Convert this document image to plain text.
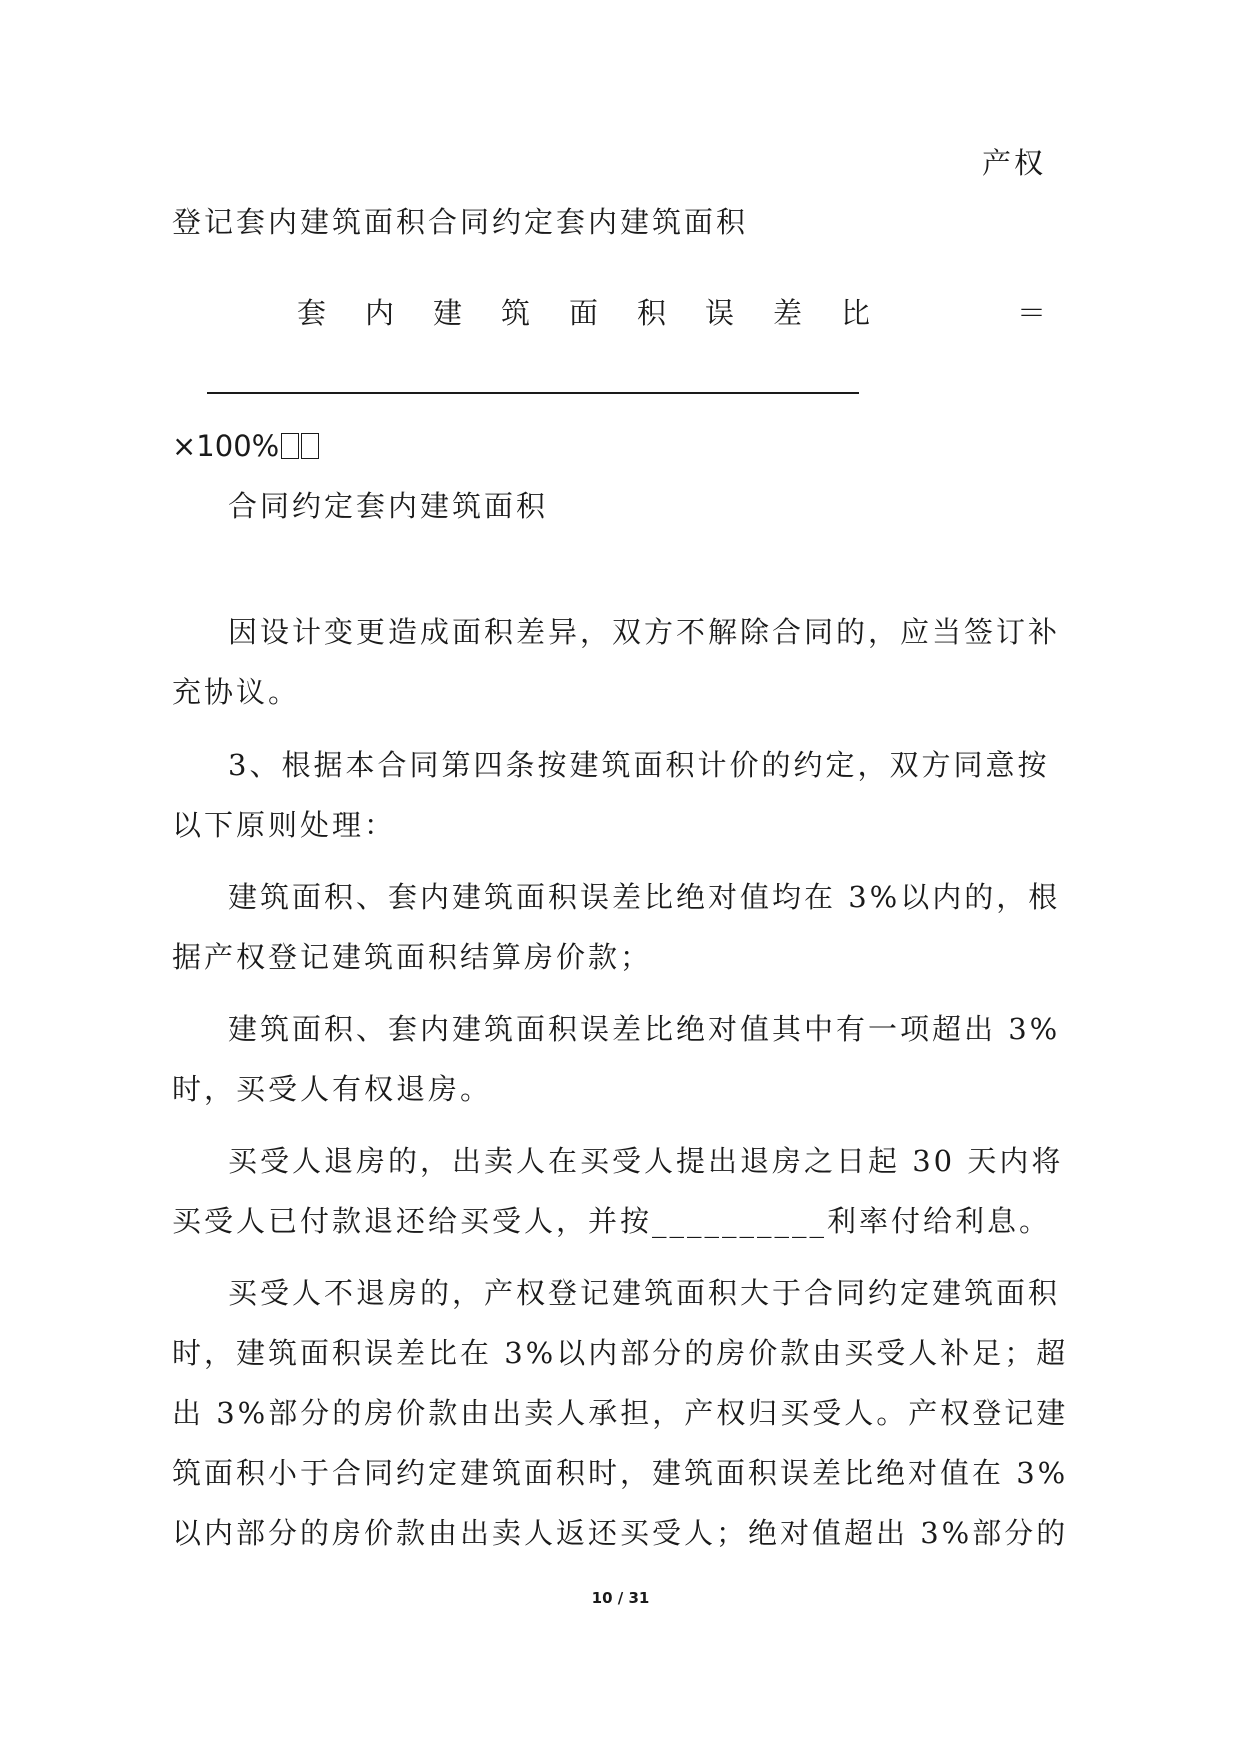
产权
登记套内建筑面积合同约定套内建筑面积
套 内 建 筑 面 积 误 差 比	＝
×100%
合同约定套内建筑面积
因设计变更造成面积差异，双方不解除合同的，应当签订补
充协议。
3、根据本合同第四条按建筑面积计价的约定，双方同意按
以下原则处理：
建筑面积、套内建筑面积误差比绝对值均在 3%以内的，根
据产权登记建筑面积结算房价款；
建筑面积、套内建筑面积误差比绝对值其中有一项超出 3%
时，买受人有权退房。
买受人退房的，出卖人在买受人提出退房之日起 30 天内将
买受人已付款退还给买受人，并按__________利率付给利息。
买受人不退房的，产权登记建筑面积大于合同约定建筑面积
时，建筑面积误差比在 3%以内部分的房价款由买受人补足；超
出 3%部分的房价款由出卖人承担，产权归买受人。产权登记建
筑面积小于合同约定建筑面积时，建筑面积误差比绝对值在 3%
以内部分的房价款由出卖人返还买受人；绝对值超出 3%部分的
10 / 31
